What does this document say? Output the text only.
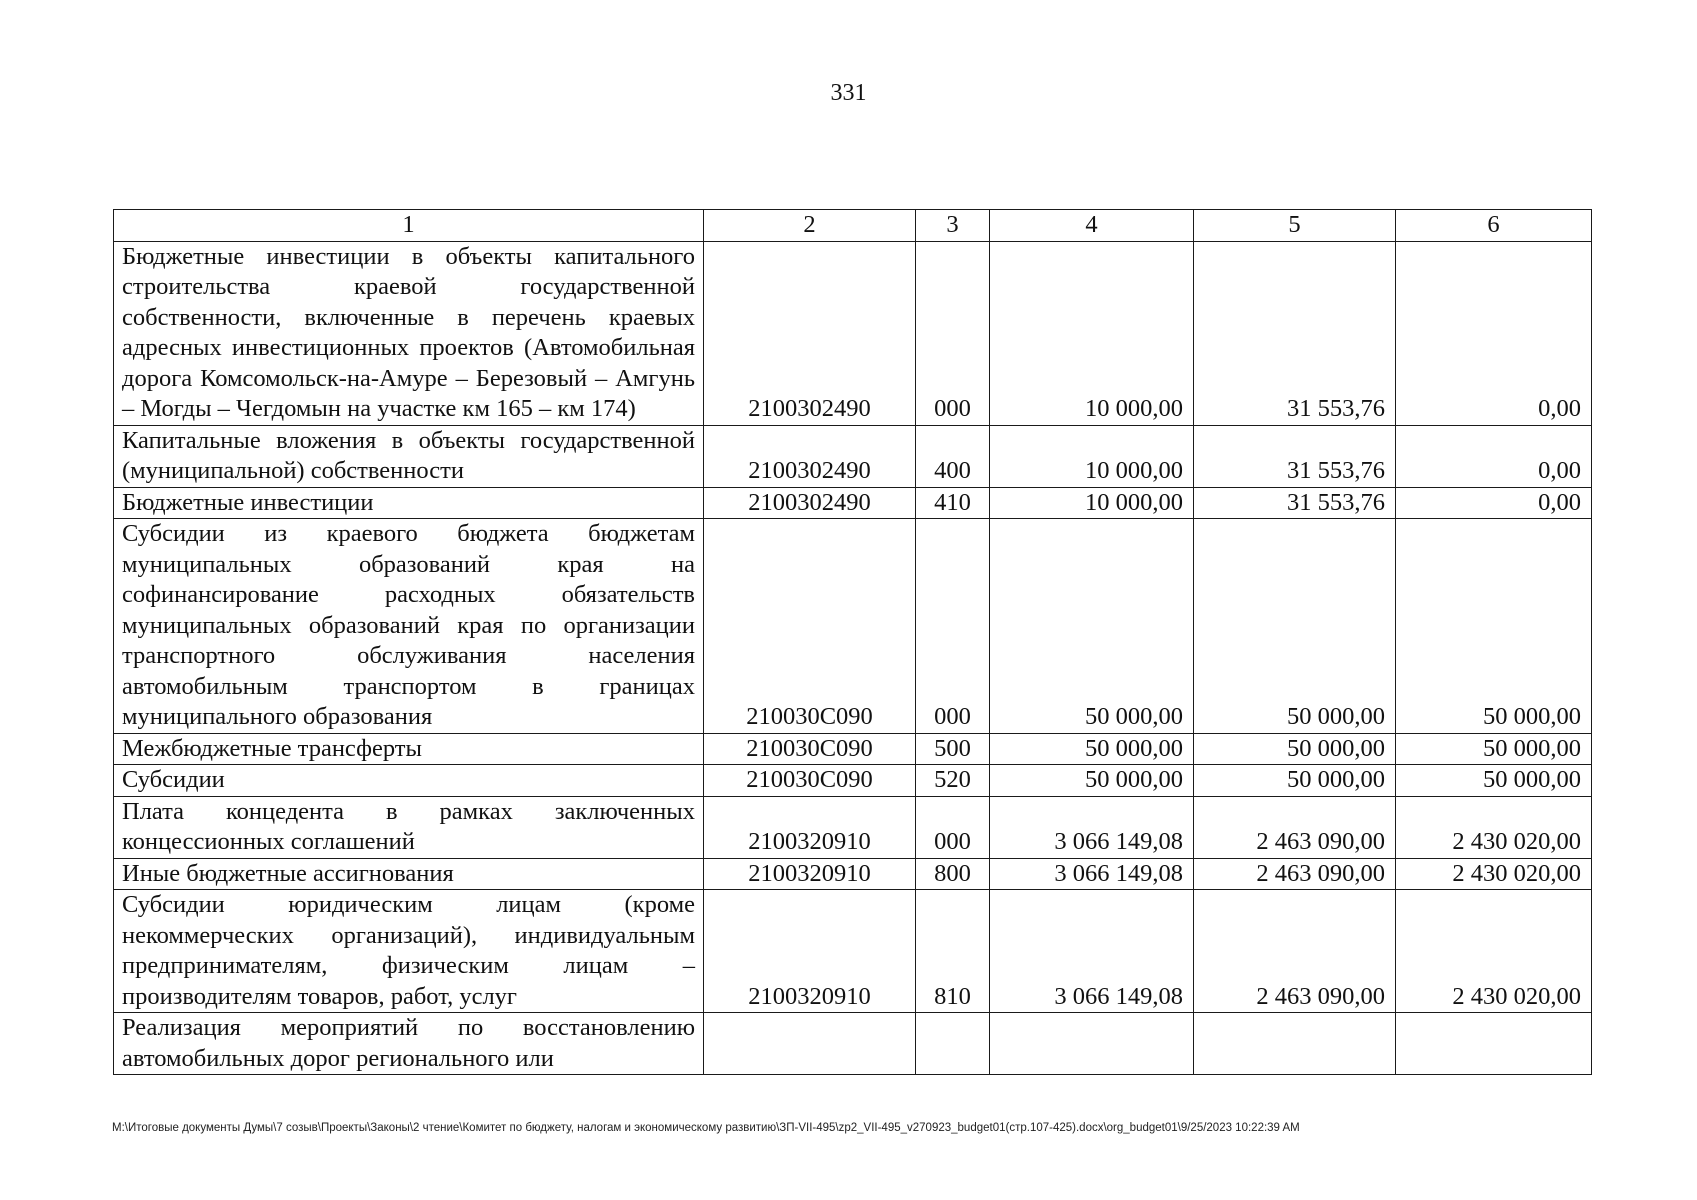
331
1	2	3	4	5	6
Бюджетные инвестиции в объекты капитального строительства краевой государственной собственности, включенные в перечень краевых адресных инвестиционных проектов (Автомобильная дорога Комсомольск-на-Амуре – Березовый – Амгунь – Могды – Чегдомын на участке км 165 – км 174)	2100302490	000	10 000,00	31 553,76	0,00
Капитальные вложения в объекты государственной (муниципальной) собственности	2100302490	400	10 000,00	31 553,76	0,00
Бюджетные инвестиции	2100302490	410	10 000,00	31 553,76	0,00
Субсидии из краевого бюджета бюджетам муниципальных образований края на софинансирование расходных обязательств муниципальных образований края по организации транспортного обслуживания населения автомобильным транспортом в границах муниципального образования	210030С090	000	50 000,00	50 000,00	50 000,00
Межбюджетные трансферты	210030С090	500	50 000,00	50 000,00	50 000,00
Субсидии	210030С090	520	50 000,00	50 000,00	50 000,00
Плата концедента в рамках заключенных концессионных соглашений	2100320910	000	3 066 149,08	2 463 090,00	2 430 020,00
Иные бюджетные ассигнования	2100320910	800	3 066 149,08	2 463 090,00	2 430 020,00
Субсидии юридическим лицам (кроме некоммерческих организаций), индивидуальным предпринимателям, физическим лицам – производителям товаров, работ, услуг	2100320910	810	3 066 149,08	2 463 090,00	2 430 020,00
Реализация мероприятий по восстановлению автомобильных дорог регионального или					
M:\Итоговые документы Думы\7 созыв\Проекты\Законы\2 чтение\Комитет по бюджету, налогам и экономическому развитию\ЗП-VII-495\zp2_VII-495_v270923_budget01(стр.107-425).docx\org_budget01\9/25/2023 10:22:39 AM
